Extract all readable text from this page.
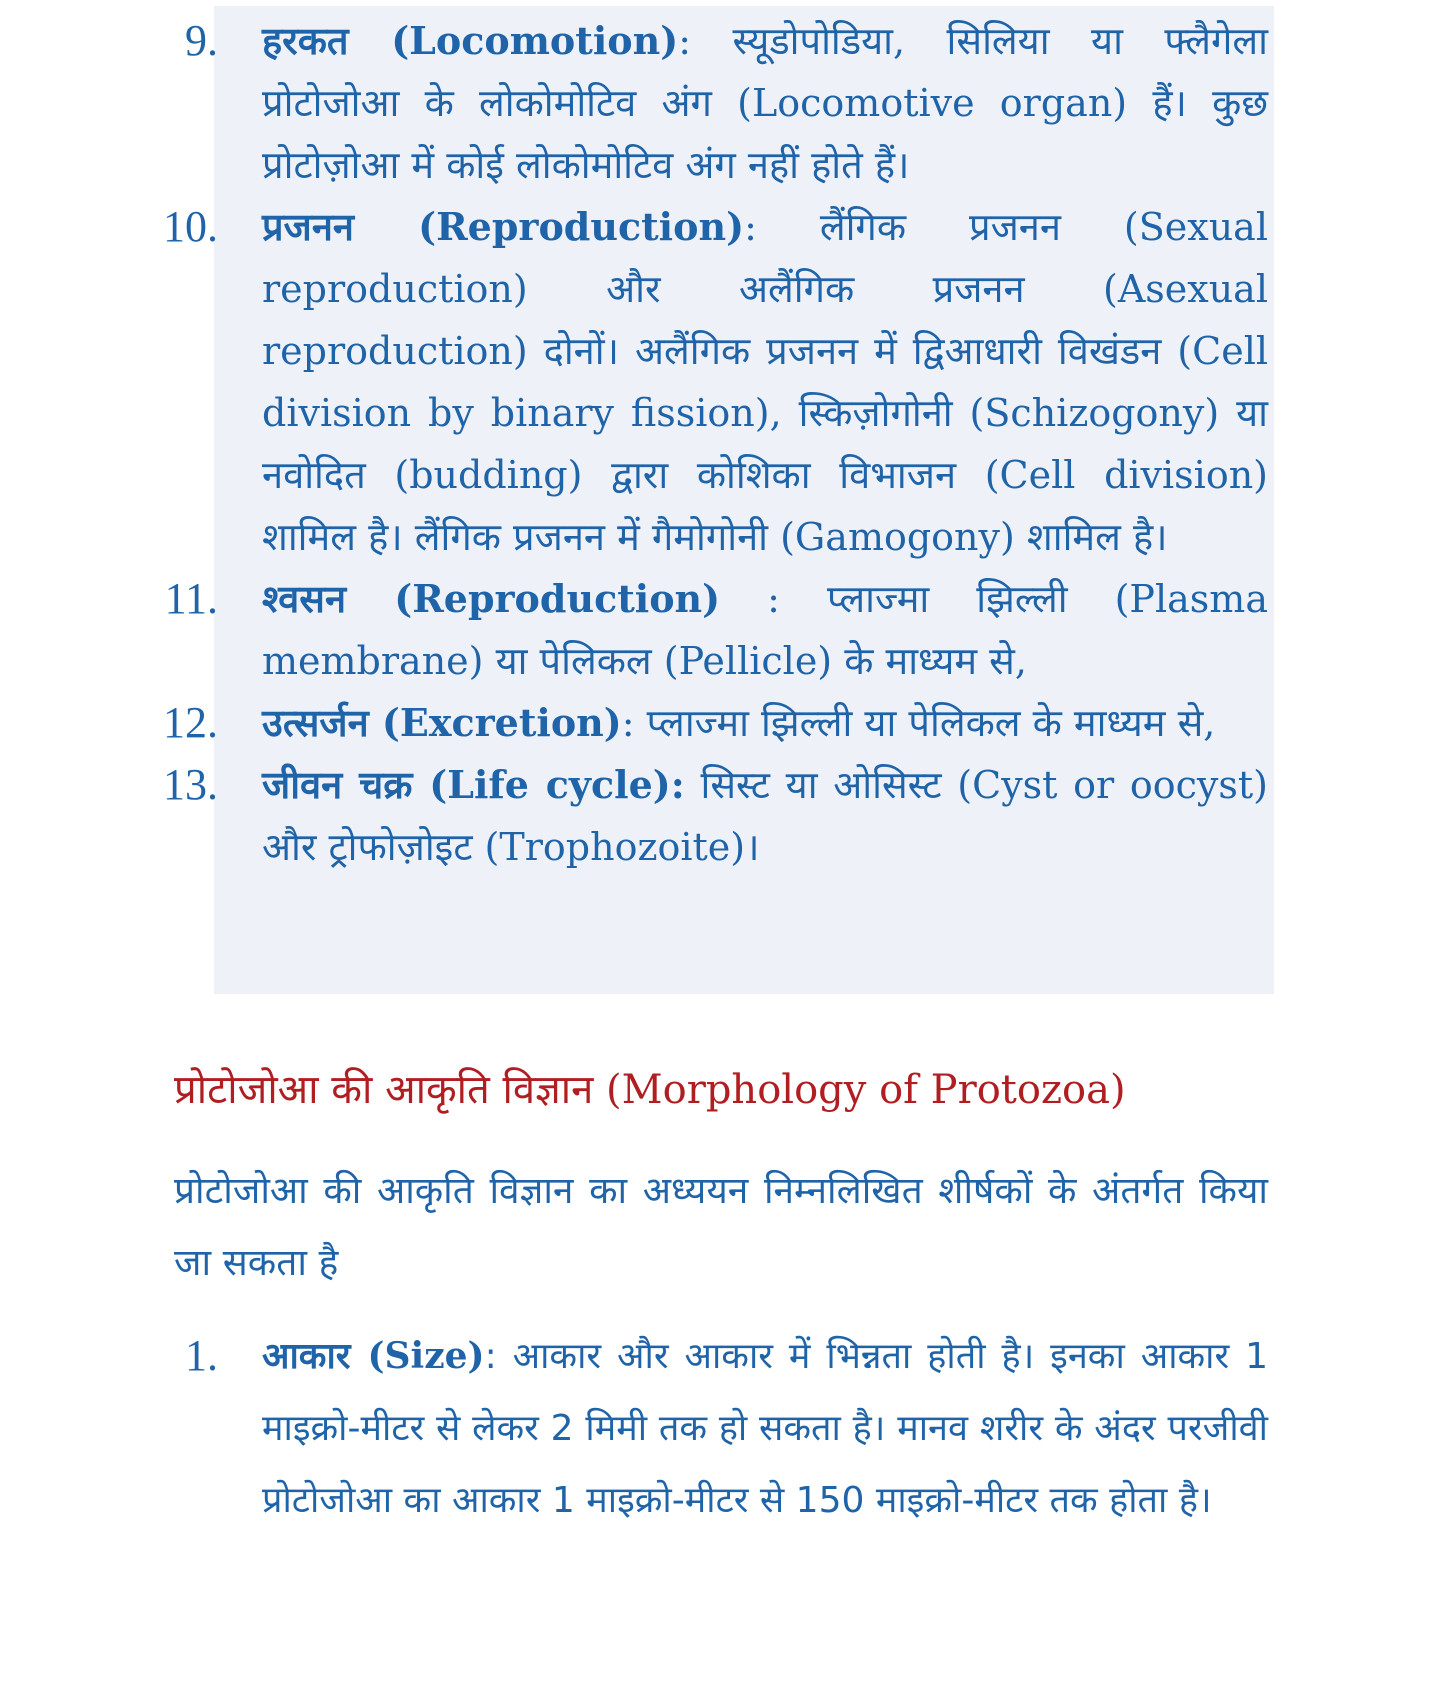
9. हरकत (Locomotion): स्यूडोपोडिया, सिलिया या फ्लैगेला प्रोटोजोआ के लोकोमोटिव अंग (Locomotive organ) हैं। कुछ प्रोटोज़ोआ में कोई लोकोमोटिव अंग नहीं होते हैं।
10. प्रजनन (Reproduction): लैंगिक प्रजनन (Sexual reproduction) और अलैंगिक प्रजनन (Asexual reproduction) दोनों। अलैंगिक प्रजनन में द्विआधारी विखंडन (Cell division by binary fission), स्किज़ोगोनी (Schizogony) या नवोदित (budding) द्वारा कोशिका विभाजन (Cell division) शामिल है। लैंगिक प्रजनन में गैमोगोनी (Gamogony) शामिल है।
11. श्वसन (Reproduction) : प्लाज्मा झिल्ली (Plasma membrane) या पेलिकल (Pellicle) के माध्यम से,
12. उत्सर्जन (Excretion): प्लाज्मा झिल्ली या पेलिकल के माध्यम से,
13. जीवन चक्र (Life cycle): सिस्ट या ओसिस्ट (Cyst or oocyst) और ट्रोफोज़ोइट (Trophozoite)।
प्रोटोजोआ की आकृति विज्ञान (Morphology of Protozoa)
प्रोटोजोआ की आकृति विज्ञान का अध्ययन निम्नलिखित शीर्षकों के अंतर्गत किया जा सकता है
1. आकार (Size): आकार और आकार में भिन्नता होती है। इनका आकार 1 माइक्रो-मीटर से लेकर 2 मिमी तक हो सकता है। मानव शरीर के अंदर परजीवी प्रोटोजोआ का आकार 1 माइक्रो-मीटर से 150 माइक्रो-मीटर तक होता है।
